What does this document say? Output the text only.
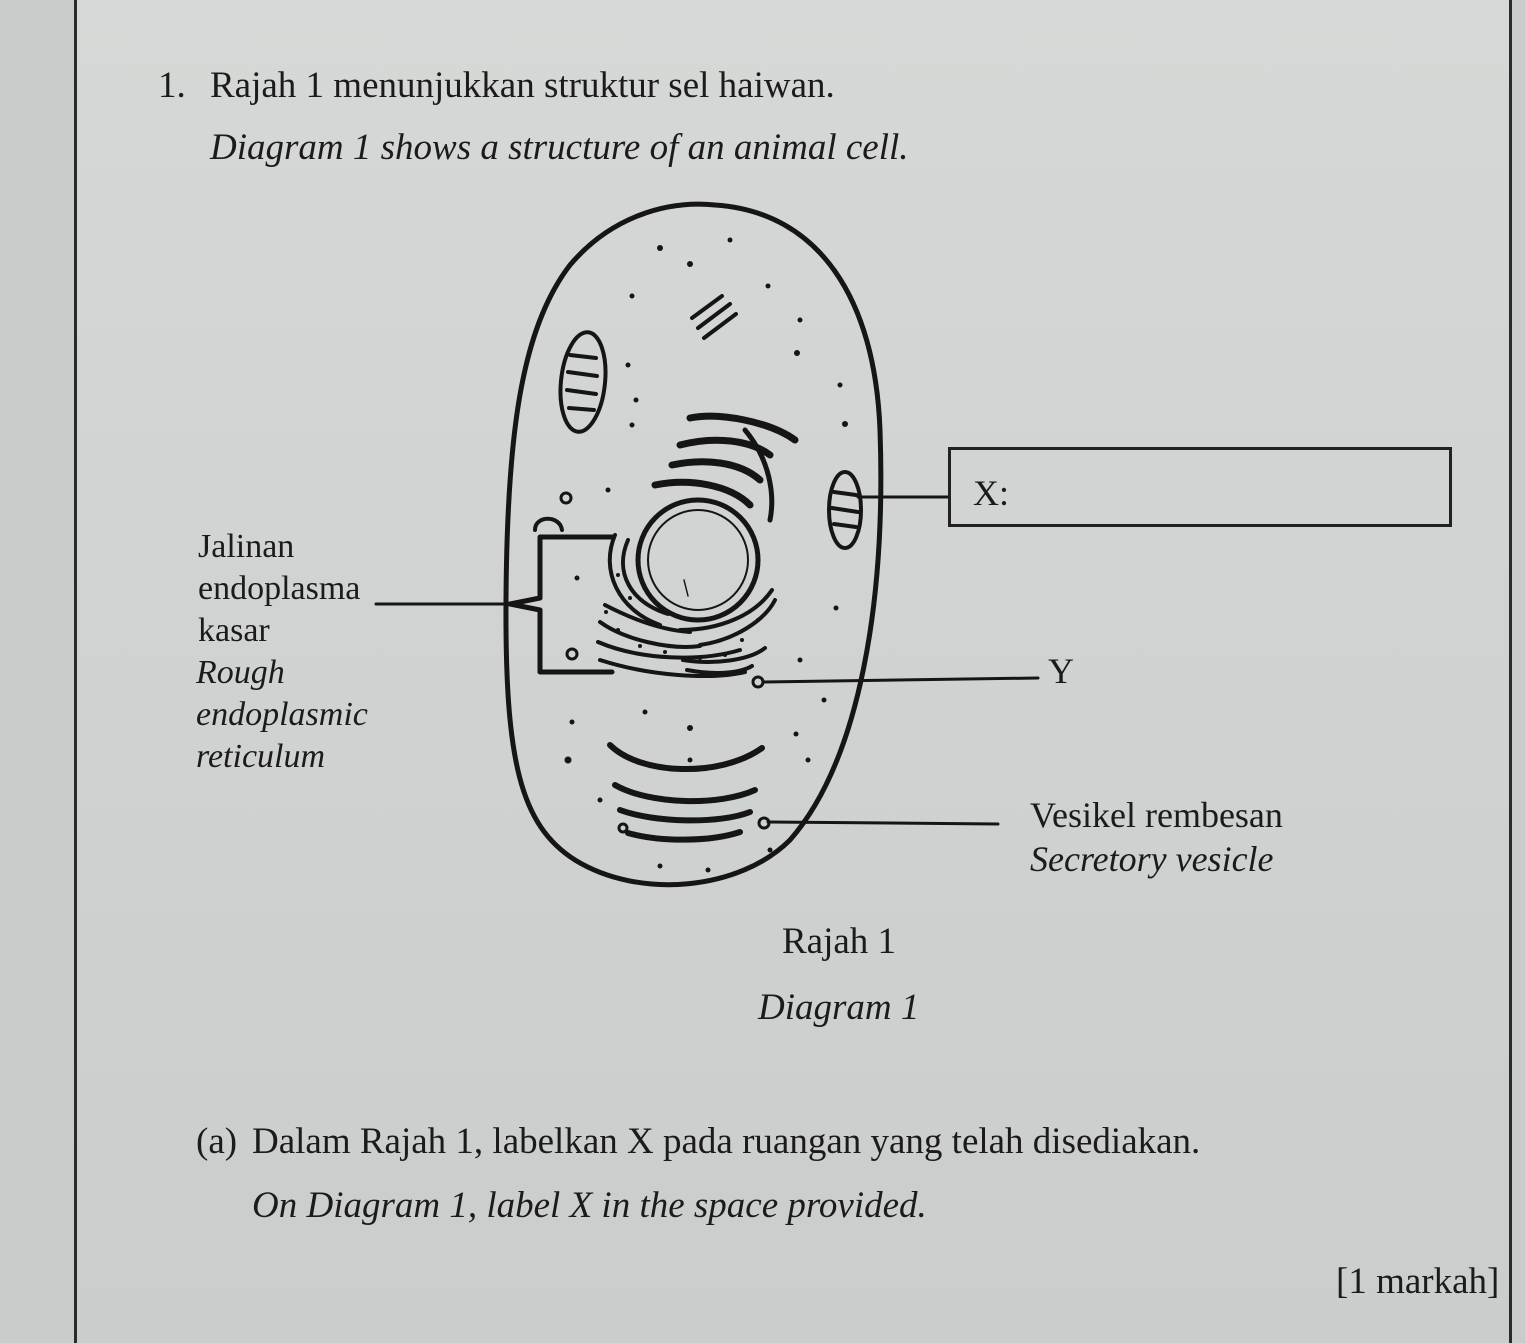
1. Rajah 1 menunjukkan struktur sel haiwan.
Diagram 1 shows a structure of an animal cell.
Jalinan
endoplasma
kasar
Rough
endoplasmic
reticulum
X:
Y
Vesikel rembesan
Secretory vesicle
Rajah 1
Diagram 1
(a) Dalam Rajah 1, labelkan X pada ruangan yang telah disediakan.
On Diagram 1, label X in the space provided.
[1 markah]
